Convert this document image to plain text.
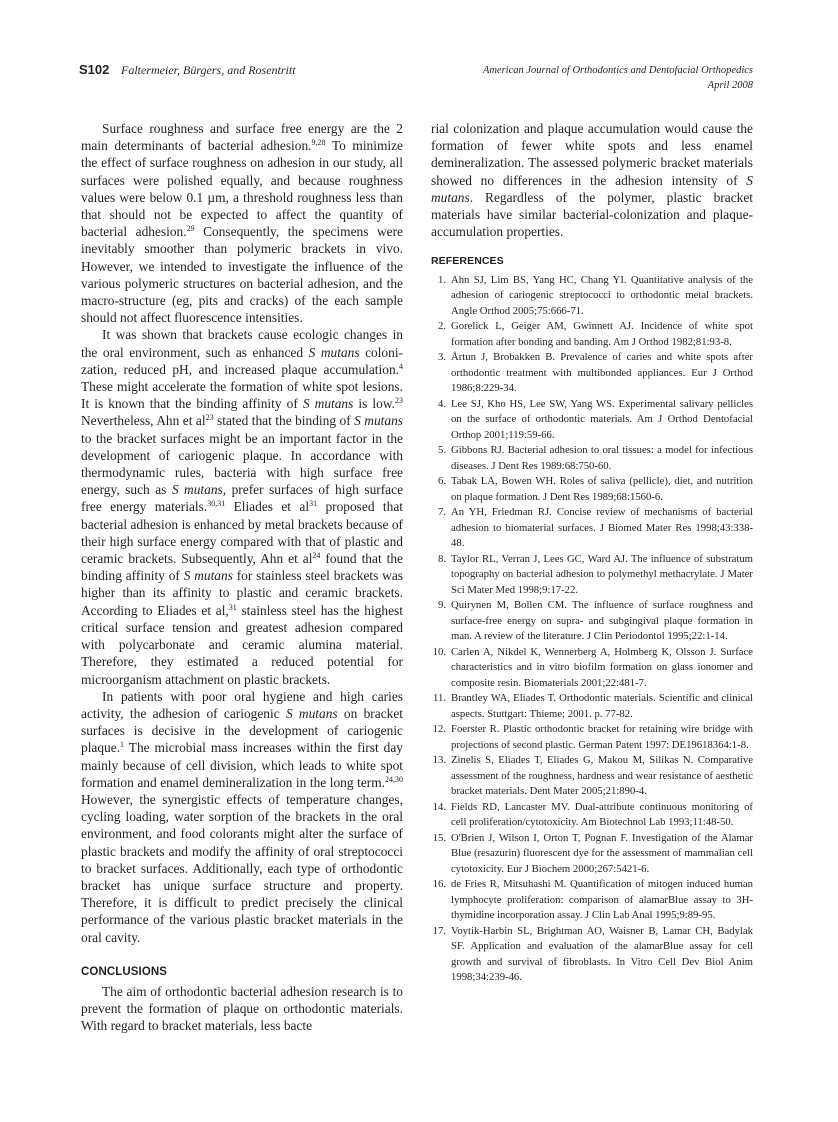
S102 Faltermeier, Bürgers, and Rosentritt	American Journal of Orthodontics and Dentofacial Orthopedics
April 2008

Surface roughness and surface free energy are the 2 main determinants of bacterial adhesion.$^{9,28}$ To minimize the effect of surface roughness on adhesion in our study, all surfaces were polished equally, and because roughness values were below 0.1 µm, a threshold roughness less than that should not be expected to affect the quantity of bacterial adhesion.$^{29}$ Consequently, the specimens were inevitably smoother than polymeric brackets in vivo. However, we intended to investigate the influence of the various polymeric structures on bacterial adhesion, and the macro-structure (eg, pits and cracks) of the each sample should not affect fluorescence intensities.

It was shown that brackets cause ecologic changes in the oral environment, such as enhanced S mutans colonization, reduced pH, and increased plaque accumulation.$^4$ These might accelerate the formation of white spot lesions. It is known that the binding affinity of S mutans is low.$^{23}$ Nevertheless, Ahn et $al^{23}$ stated that the binding of S mutans to the bracket surfaces might be an important factor in the development of cariogenic plaque. In accordance with thermodynamic rules, bacteria with high surface free energy, such as S mutans, prefer surfaces of high surface free energy materials.$^{30,31}$ Eliades et $al^{31}$ proposed that bacterial adhesion is enhanced by metal brackets because of their high surface energy compared with that of plastic and ceramic brackets. Subsequently, Ahn et $al^{24}$ found that the binding affinity of S mutans for stainless steel brackets was higher than its affinity to plastic and ceramic brackets. According to Eliades et al,$^{31}$ stainless steel has the highest critical surface tension and greatest adhesion compared with polycarbonate and ceramic alumina material. Therefore, they estimated a reduced potential for microorganism attachment on plastic brackets.

In patients with poor oral hygiene and high caries activity, the adhesion of cariogenic S mutans on bracket surfaces is decisive in the development of cariogenic plaque.$^1$ The microbial mass increases within the first day mainly because of cell division, which leads to white spot formation and enamel demineralization in the long term.$^{24,30}$ However, the synergistic effects of temperature changes, cycling loading, water sorption of the brackets in the oral environment, and food colorants might alter the surface of plastic brackets and modify the affinity of oral streptococci to bracket surfaces. Additionally, each type of orthodontic bracket has unique surface structure and property. Therefore, it is difficult to predict precisely the clinical performance of the various plastic bracket materials in the oral cavity.

CONCLUSIONS

The aim of orthodontic bacterial adhesion research is to prevent the formation of plaque on orthodontic materials. With regard to bracket materials, less bacte

rial colonization and plaque accumulation would cause the formation of fewer white spots and less enamel demineralization. The assessed polymeric bracket materials showed no differences in the adhesion intensity of S mutans. Regardless of the polymer, plastic bracket materials have similar bacterial-colonization and plaque-accumulation properties.

REFERENCES
1. Ahn SJ, Lim BS, Yang HC, Chang YI. Quantitative analysis of the adhesion of cariogenic streptococci to orthodontic metal brackets. Angle Orthod 2005;75:666-71.
2. Gorelick L, Geiger AM, Gwinnett AJ. Incidence of white spot formation after bonding and banding. Am J Orthod 1982;81:93-8.
3. Årtun J, Brobakken B. Prevalence of caries and white spots after orthodontic treatment with multibonded appliances. Eur J Orthod 1986;8:229-34.
4. Lee SJ, Kho HS, Lee SW, Yang WS. Experimental salivary pellicles on the surface of orthodontic materials. Am J Orthod Dentofacial Orthop 2001;119:59-66.
5. Gibbons RJ. Bacterial adhesion to oral tissues: a model for infectious diseases. J Dent Res 1989:68:750-60.
6. Tabak LA, Bowen WH. Roles of saliva (pellicle), diet, and nutrition on plaque formation. J Dent Res 1989;68:1560-6.
7. An YH, Friedman RJ. Concise review of mechanisms of bacterial adhesion to biomaterial surfaces. J Biomed Mater Res 1998;43:338-48.
8. Taylor RL, Verran J, Lees GC, Ward AJ. The influence of substratum topography on bacterial adhesion to polymethyl methacrylate. J Mater Sci Mater Med 1998;9:17-22.
9. Quirynen M, Bollen CM. The influence of surface roughness and surface-free energy on supra- and subgingival plaque formation in man. A review of the literature. J Clin Periodontol 1995;22:1-14.
10. Carlen A, Nikdel K, Wennerberg A, Holmberg K, Olsson J. Surface characteristics and in vitro biofilm formation on glass ionomer and composite resin. Biomaterials 2001;22:481-7.
11. Brantley WA, Eliades T. Orthodontic materials. Scientific and clinical aspects. Stuttgart: Thieme; 2001. p. 77-82.
12. Foerster R. Plastic orthodontic bracket for retaining wire bridge with projections of second plastic. German Patent 1997: DE19618364:1-8.
13. Zinelis S, Eliades T, Eliades G, Makou M, Silikas N. Comparative assessment of the roughness, hardness and wear resistance of aesthetic bracket materials. Dent Mater 2005;21:890-4.
14. Fields RD, Lancaster MV. Dual-attribute continuous monitoring of cell proliferation/cytotoxicity. Am Biotechnol Lab 1993;11:48-50.
15. O'Brien J, Wilson I, Orton T, Pognan F. Investigation of the Alamar Blue (resazurin) fluorescent dye for the assessment of mammalian cell cytotoxicity. Eur J Biochem 2000;267:5421-6.
16. de Fries R, Mitsuhashi M. Quantification of mitogen induced human lymphocyte proliferation: comparison of alamarBlue assay to 3H-thymidine incorporation assay. J Clin Lab Anal 1995;9:89-95.
17. Voytik-Harbin SL, Brightman AO, Waisner B, Lamar CH, Badylak SF. Application and evaluation of the alamarBlue assay for cell growth and survival of fibroblasts. In Vitro Cell Dev Biol Anim 1998;34:239-46.
